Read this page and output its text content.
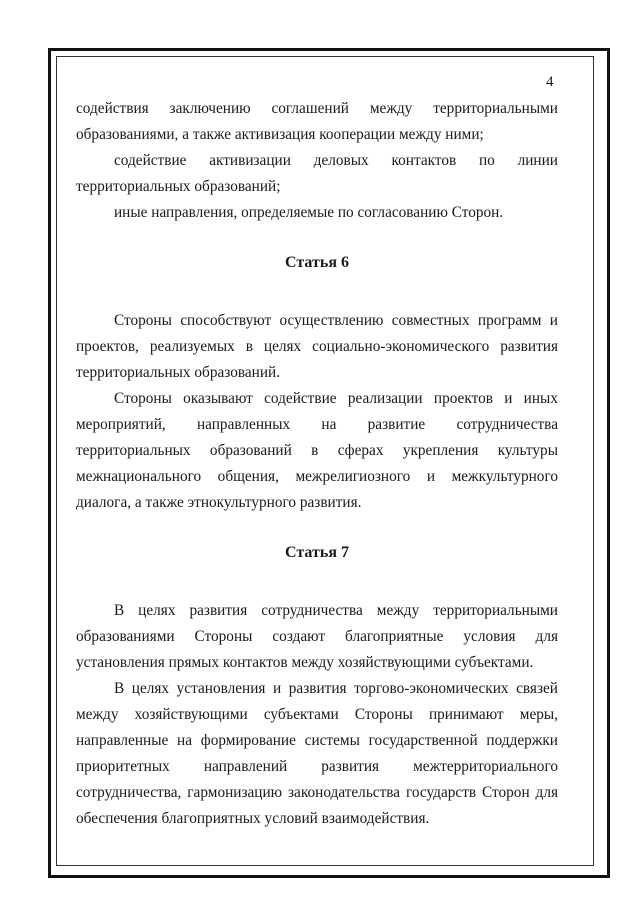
4

содействия заключению соглашений между территориальными

образованиями, а также активизация кооперации между ними;

содействие активизации деловых контактов по линии

территориальных образований;

иные направления, определяемые по согласованию Сторон.

Статья 6

Стороны способствуют осуществлению совместных программ и

проектов, реализуемых в целях социально-экономического развития

территориальных образований.

Стороны оказывают содействие реализации проектов и иных

мероприятий, направленных на развитие сотрудничества

территориальных образований в сферах укрепления культуры

межнационального общения, межрелигиозного и межкультурного

диалога, а также этнокультурного развития.

Статья 7

В целях развития сотрудничества между территориальными

образованиями Стороны создают благоприятные условия для

установления прямых контактов между хозяйствующими субъектами.

В целях установления и развития торгово-экономических связей

между хозяйствующими субъектами Стороны принимают меры,

направленные на формирование системы государственной поддержки

приоритетных направлений развития межтерриториального

сотрудничества, гармонизацию законодательства государств Сторон для

обеспечения благоприятных условий взаимодействия.
